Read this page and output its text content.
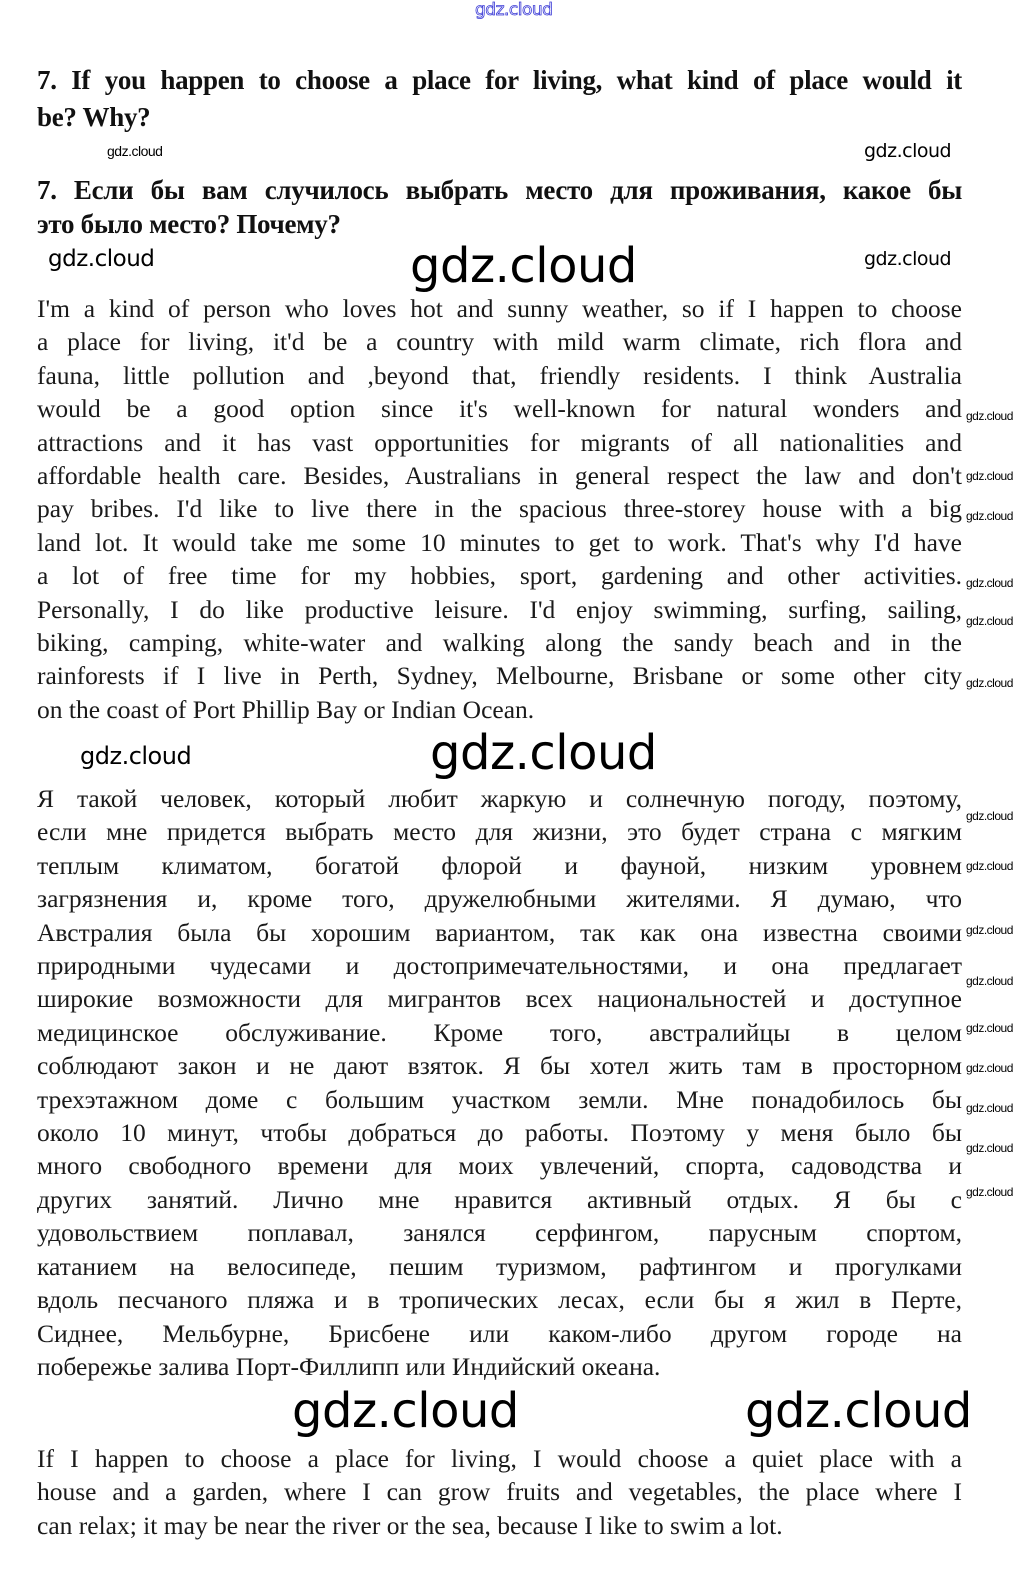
7. If you happen to choose a place for living, what kind of place would it
be? Why?
7. Если бы вам случилось выбрать место для проживания, какое бы
это было место? Почему?
I'm a kind of person who loves hot and sunny weather, so if I happen to choose
a place for living, it'd be a country with mild warm climate, rich flora and
fauna, little pollution and ,beyond that, friendly residents. I think Australia
would be a good option since it's well-known for natural wonders and
attractions and it has vast opportunities for migrants of all nationalities and
affordable health care. Besides, Australians in general respect the law and don't
pay bribes. I'd like to live there in the spacious three-storey house with a big
land lot. It would take me some 10 minutes to get to work. That's why I'd have
a lot of free time for my hobbies, sport, gardening and other activities.
Personally, I do like productive leisure. I'd enjoy swimming, surfing, sailing,
biking, camping, white-water and walking along the sandy beach and in the
rainforests if I live in Perth, Sydney, Melbourne, Brisbane or some other city
on the coast of Port Phillip Bay or Indian Ocean.
Я такой человек, который любит жаркую и солнечную погоду, поэтому,
если мне придется выбрать место для жизни, это будет страна с мягким
теплым климатом, богатой флорой и фауной, низким уровнем
загрязнения и, кроме того, дружелюбными жителями. Я думаю, что
Австралия была бы хорошим вариантом, так как она известна своими
природными чудесами и достопримечательностями, и она предлагает
широкие возможности для мигрантов всех национальностей и доступное
медицинское обслуживание. Кроме того, австралийцы в целом
соблюдают закон и не дают взяток. Я бы хотел жить там в просторном
трехэтажном доме с большим участком земли. Мне понадобилось бы
около 10 минут, чтобы добраться до работы. Поэтому у меня было бы
много свободного времени для моих увлечений, спорта, садоводства и
других занятий. Лично мне нравится активный отдых. Я бы с
удовольствием поплавал, занялся серфингом, парусным спортом,
катанием на велосипеде, пешим туризмом, рафтингом и прогулками
вдоль песчаного пляжа и в тропических лесах, если бы я жил в Перте,
Сиднее, Мельбурне, Брисбене или каком-либо другом городе на
побережье залива Порт-Филлипп или Индийский океана.
If I happen to choose a place for living, I would choose a quiet place with a
house and a garden, where I can grow fruits and vegetables, the place where I
can relax; it may be near the river or the sea, because I like to swim a lot.
gdz.cloud
gdz.cloud	gdz.cloud
gdz.cloud	gdz.cloud	gdz.cloud
gdz.cloud
gdz.cloud
gdz.cloud
gdz.cloud
gdz.cloud
gdz.cloud
gdz.cloud	gdz.cloud
gdz.cloud
gdz.cloud
gdz.cloud
gdz.cloud
gdz.cloud
gdz.cloud
gdz.cloud
gdz.cloud
gdz.cloud
gdz.cloud	gdz.cloud
